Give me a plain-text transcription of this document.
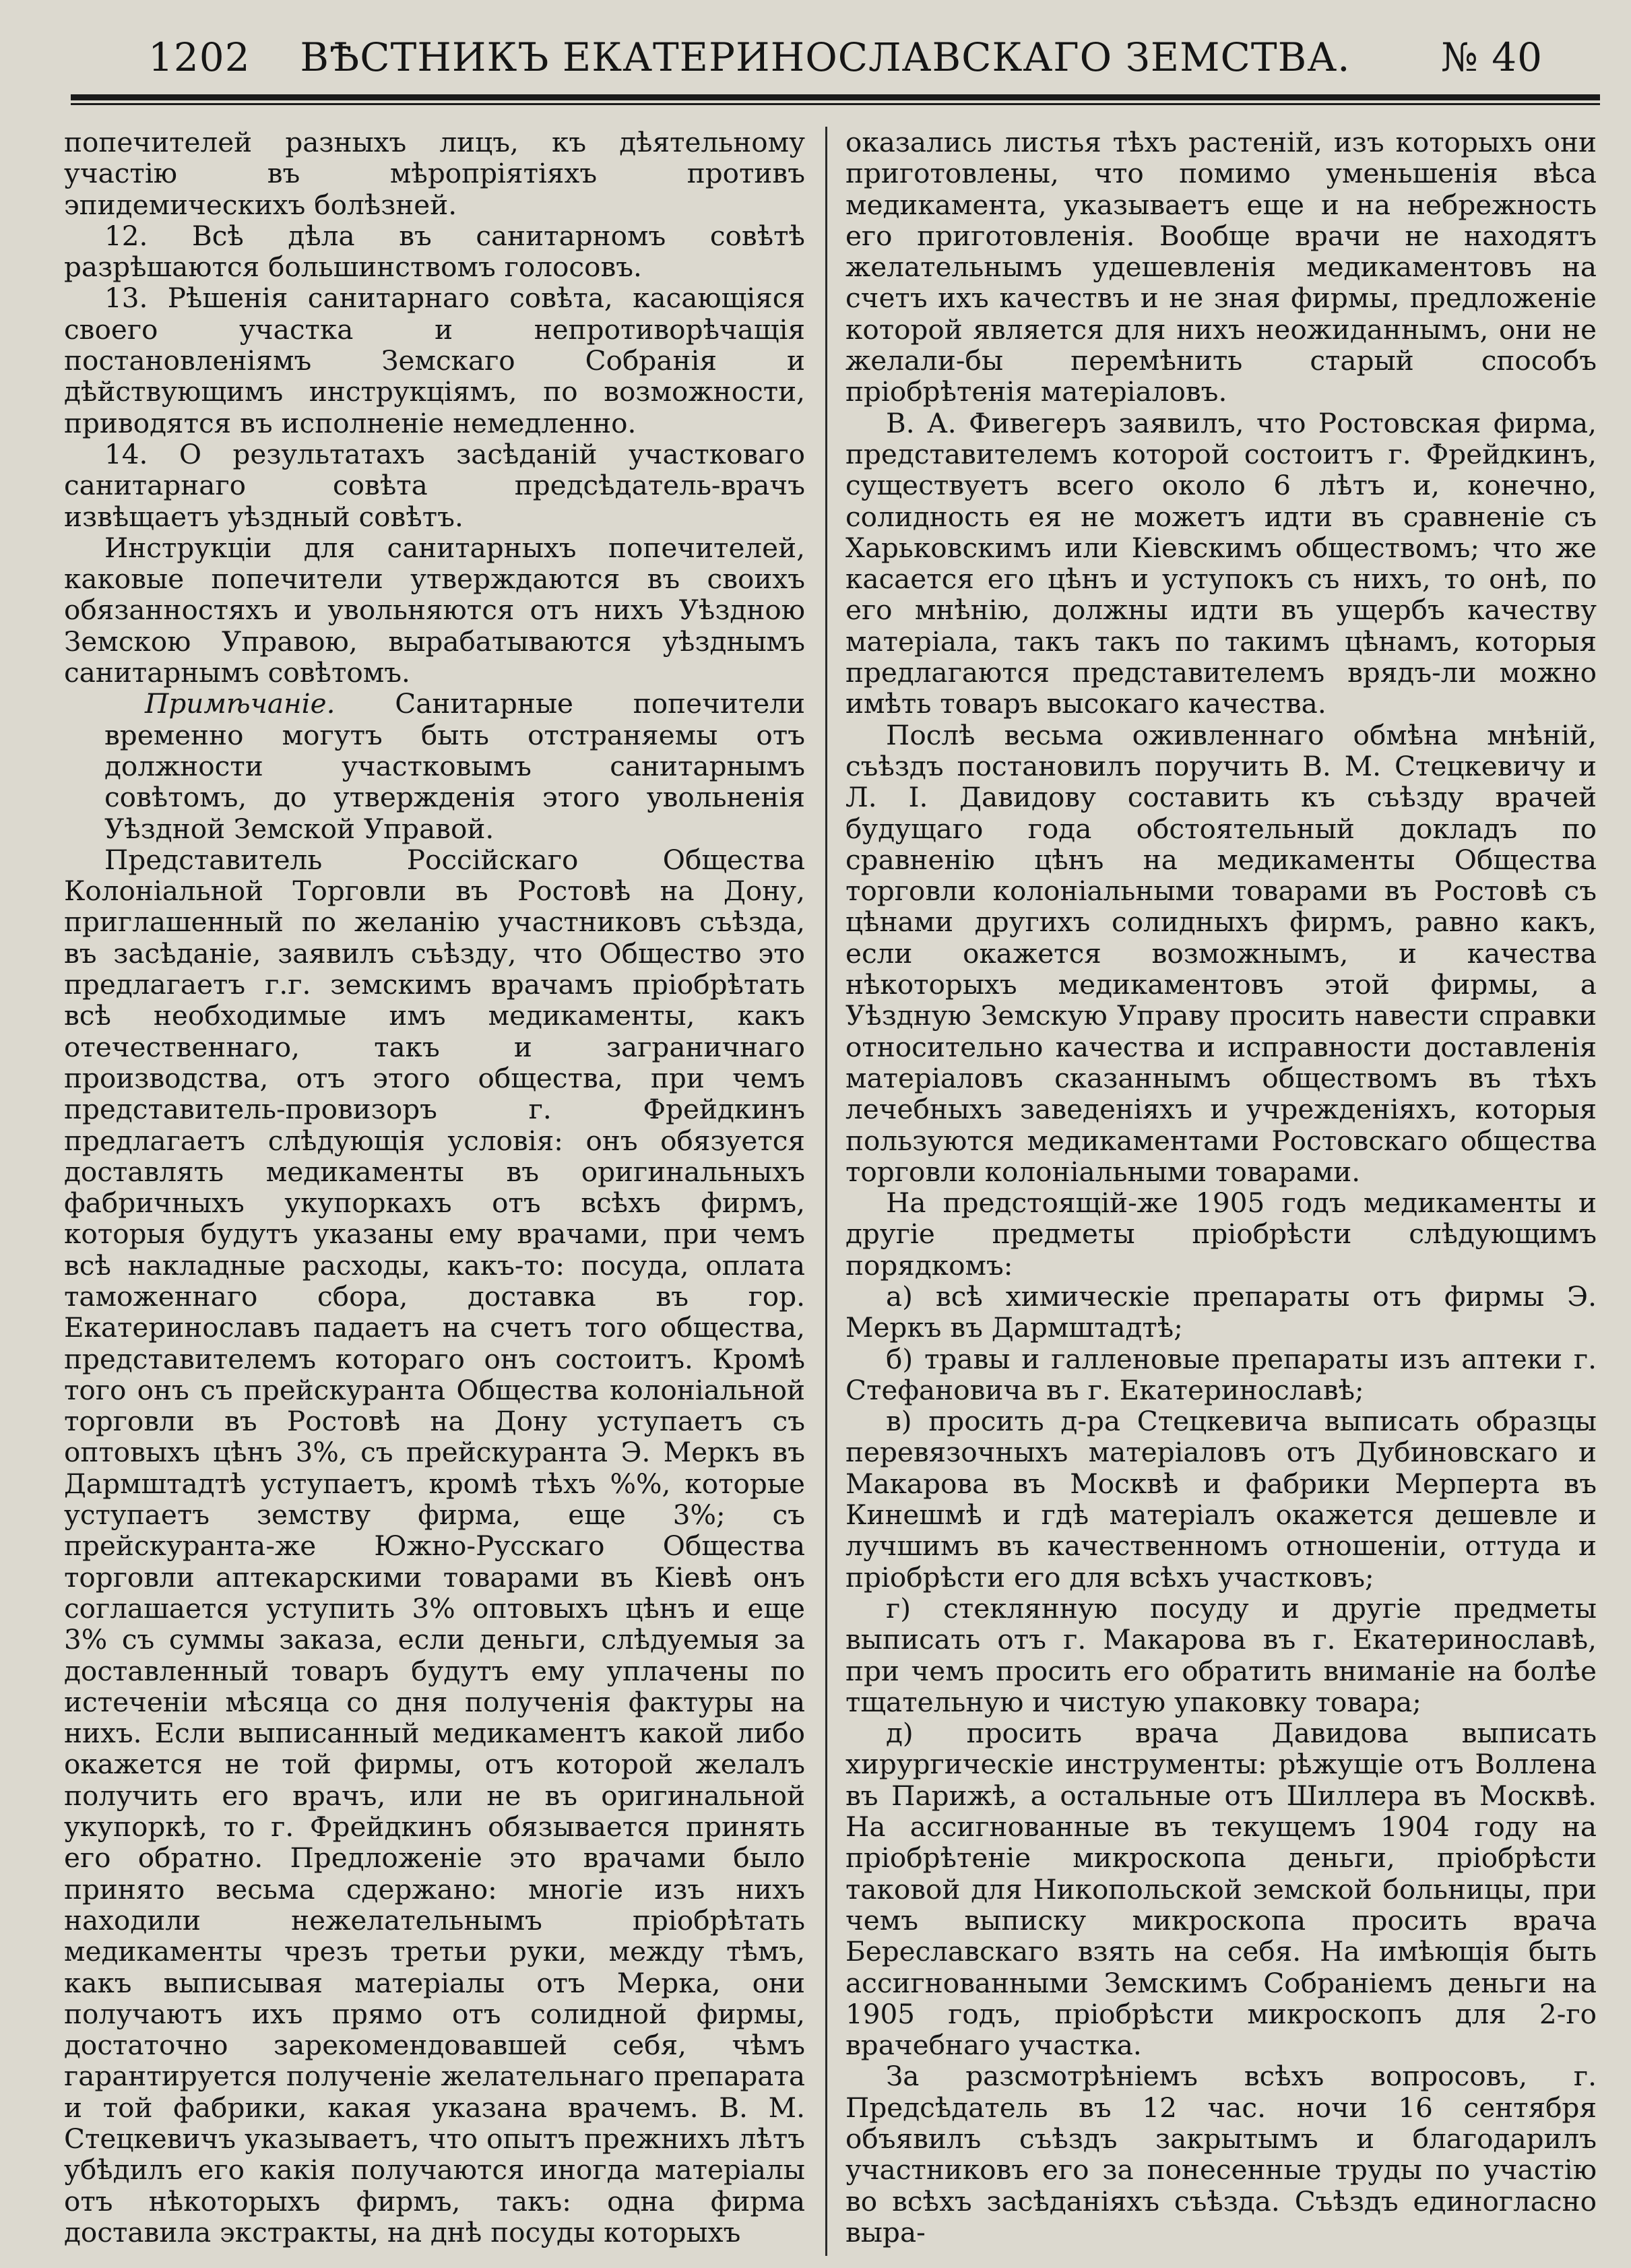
1202	ВѢСТНИКЪ ЕКАТЕРИНОСЛАВСКАГО ЗЕМСТВА.	№ 40

попечителей разныхъ лицъ, къ дѣятельному участію въ мѣропріятіяхъ противъ эпидемическихъ болѣзней.

12. Всѣ дѣла въ санитарномъ совѣтѣ разрѣшаются большинствомъ голосовъ.

13. Рѣшенія санитарнаго совѣта, касающіяся своего участка и непротиворѣчащія постановленіямъ Земскаго Собранія и дѣйствующимъ инструкціямъ, по возможности, приводятся въ исполненіе немедленно.

14. О результатахъ засѣданій участковаго санитарнаго совѣта предсѣдатель-врачъ извѣщаетъ уѣздный совѣтъ.

Инструкціи для санитарныхъ попечителей, каковые попечители утверждаются въ своихъ обязанностяхъ и увольняются отъ нихъ Уѣздною Земскою Управою, вырабатываются уѣзднымъ санитарнымъ совѣтомъ.

Примѣчаніе. Санитарные попечители временно могутъ быть отстраняемы отъ должности участковымъ санитарнымъ совѣтомъ, до утвержденія этого увольненія Уѣздной Земской Управой.

Представитель Россійскаго Общества Колоніальной Торговли въ Ростовѣ на Дону, приглашенный по желанію участниковъ съѣзда, въ засѣданіе, заявилъ съѣзду, что Общество это предлагаетъ г.г. земскимъ врачамъ пріобрѣтать всѣ необходимые имъ медикаменты, какъ отечественнаго, такъ и заграничнаго производства, отъ этого общества, при чемъ представитель-провизоръ г. Фрейдкинъ предлагаетъ слѣдующія условія: онъ обязуется доставлять медикаменты въ оригинальныхъ фабричныхъ укупоркахъ отъ всѣхъ фирмъ, которыя будутъ указаны ему врачами, при чемъ всѣ накладные расходы, какъ-то: посуда, оплата таможеннаго сбора, доставка въ гор. Екатеринославъ падаетъ на счетъ того общества, представителемъ котораго онъ состоитъ. Кромѣ того онъ съ прейскуранта Общества колоніальной торговли въ Ростовѣ на Дону уступаетъ съ оптовыхъ цѣнъ 3%, съ прейскуранта Э. Меркъ въ Дармштадтѣ уступаетъ, кромѣ тѣхъ %%, которые уступаетъ земству фирма, еще 3%; съ прейскуранта-же Южно-Русскаго Общества торговли аптекарскими товарами въ Кіевѣ онъ соглашается уступить 3% оптовыхъ цѣнъ и еще 3% съ суммы заказа, если деньги, слѣдуемыя за доставленный товаръ будутъ ему уплачены по истеченіи мѣсяца со дня полученія фактуры на нихъ. Если выписанный медикаментъ какой либо окажется не той фирмы, отъ которой желалъ получить его врачъ, или не въ оригинальной укупоркѣ, то г. Фрейдкинъ обязывается принять его обратно. Предложеніе это врачами было принято весьма сдержано: многіе изъ нихъ находили нежелательнымъ пріобрѣтать медикаменты чрезъ третьи руки, между тѣмъ, какъ выписывая матеріалы отъ Мерка, они получаютъ ихъ прямо отъ солидной фирмы, достаточно зарекомендовавшей себя, чѣмъ гарантируется полученіе желательнаго препарата и той фабрики, какая указана врачемъ. В. М. Стецкевичъ указываетъ, что опытъ прежнихъ лѣтъ убѣдилъ его какія получаются иногда матеріалы отъ нѣкоторыхъ фирмъ, такъ: одна фирма доставила экстракты, на днѣ посуды которыхъ

оказались листья тѣхъ растеній, изъ которыхъ они приготовлены, что помимо уменьшенія вѣса медикамента, указываетъ еще и на небрежность его приготовленія. Вообще врачи не находятъ желательнымъ удешевленія медикаментовъ на счетъ ихъ качествъ и не зная фирмы, предложеніе которой является для нихъ неожиданнымъ, они не желали-бы перемѣнить старый способъ пріобрѣтенія матеріаловъ.

В. А. Фивегеръ заявилъ, что Ростовская фирма, представителемъ которой состоитъ г. Фрейдкинъ, существуетъ всего около 6 лѣтъ и, конечно, солидность ея не можетъ идти въ сравненіе съ Харьковскимъ или Кіевскимъ обществомъ; что же касается его цѣнъ и уступокъ съ нихъ, то онѣ, по его мнѣнію, должны идти въ ущербъ качеству матеріала, такъ такъ по такимъ цѣнамъ, которыя предлагаются представителемъ врядъ-ли можно имѣть товаръ высокаго качества.

Послѣ весьма оживленнаго обмѣна мнѣній, съѣздъ постановилъ поручить В. М. Стецкевичу и Л. І. Давидову составить къ съѣзду врачей будущаго года обстоятельный докладъ по сравненію цѣнъ на медикаменты Общества торговли колоніальными товарами въ Ростовѣ съ цѣнами другихъ солидныхъ фирмъ, равно какъ, если окажется возможнымъ, и качества нѣкоторыхъ медикаментовъ этой фирмы, а Уѣздную Земскую Управу просить навести справки относительно качества и исправности доставленія матеріаловъ сказаннымъ обществомъ въ тѣхъ лечебныхъ заведеніяхъ и учрежденіяхъ, которыя пользуются медикаментами Ростовскаго общества торговли колоніальными товарами.

На предстоящій-же 1905 годъ медикаменты и другіе предметы пріобрѣсти слѣдующимъ порядкомъ:

а) всѣ химическіе препараты отъ фирмы Э. Меркъ въ Дармштадтѣ;

б) травы и галленовые препараты изъ аптеки г. Стефановича въ г. Екатеринославѣ;

в) просить д-ра Стецкевича выписать образцы перевязочныхъ матеріаловъ отъ Дубиновскаго и Макарова въ Москвѣ и фабрики Мерперта въ Кинешмѣ и гдѣ матеріалъ окажется дешевле и лучшимъ въ качественномъ отношеніи, оттуда и пріобрѣсти его для всѣхъ участковъ;

г) стеклянную посуду и другіе предметы выписать отъ г. Макарова въ г. Екатеринославѣ, при чемъ просить его обратить вниманіе на болѣе тщательную и чистую упаковку товара;

д) просить врача Давидова выписать хирургическіе инструменты: рѣжущіе отъ Воллена въ Парижѣ, а остальные отъ Шиллера въ Москвѣ. На ассигнованные въ текущемъ 1904 году на пріобрѣтеніе микроскопа деньги, пріобрѣсти таковой для Никопольской земской больницы, при чемъ выписку микроскопа просить врача Береславскаго взять на себя. На имѣющія быть ассигнованными Земскимъ Собраніемъ деньги на 1905 годъ, пріобрѣсти микроскопъ для 2-го врачебнаго участка.

За разсмотрѣніемъ всѣхъ вопросовъ, г. Предсѣдатель въ 12 час. ночи 16 сентября объявилъ съѣздъ закрытымъ и благодарилъ участниковъ его за понесенные труды по участію во всѣхъ засѣданіяхъ съѣзда. Съѣздъ единогласно выра-
